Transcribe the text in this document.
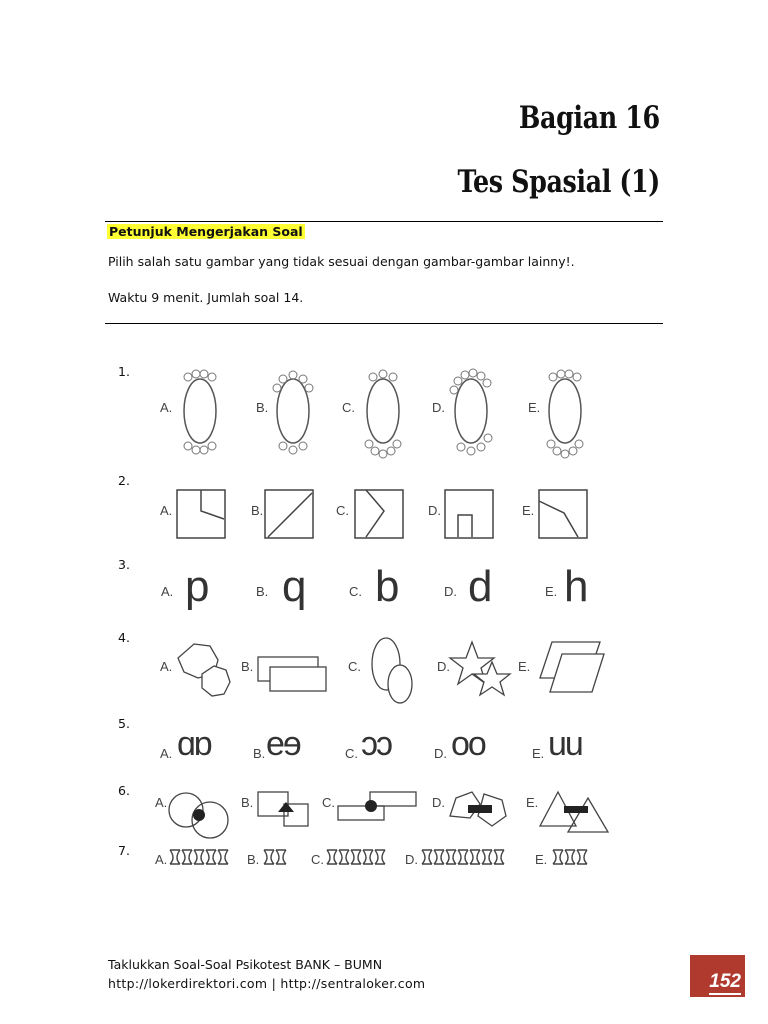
Bagian 16
Tes Spasial (1)
Petunjuk Mengerjakan Soal
Pilih salah satu gambar yang tidak sesuai dengan gambar-gambar lainny!.
Waktu 9 menit. Jumlah soal 14.
1.
A.	B.	C.	D.	E.
2.
A.	B.	C.	D.	E.
3.
A.	B.	C.	D.	E.
p q b d h
4.
A.	B.	C.	D.	E.
5.
A.	B.	C.	D.	E.
ɑɒ eɘ ɔɔ oo uu
6.
A.	B.	C.	D.	E.
7.
A.	B.	C.	D.	E.
Taklukkan Soal-Soal Psikotest BANK – BUMN
http://lokerdirektori.com | http://sentraloker.com	152
